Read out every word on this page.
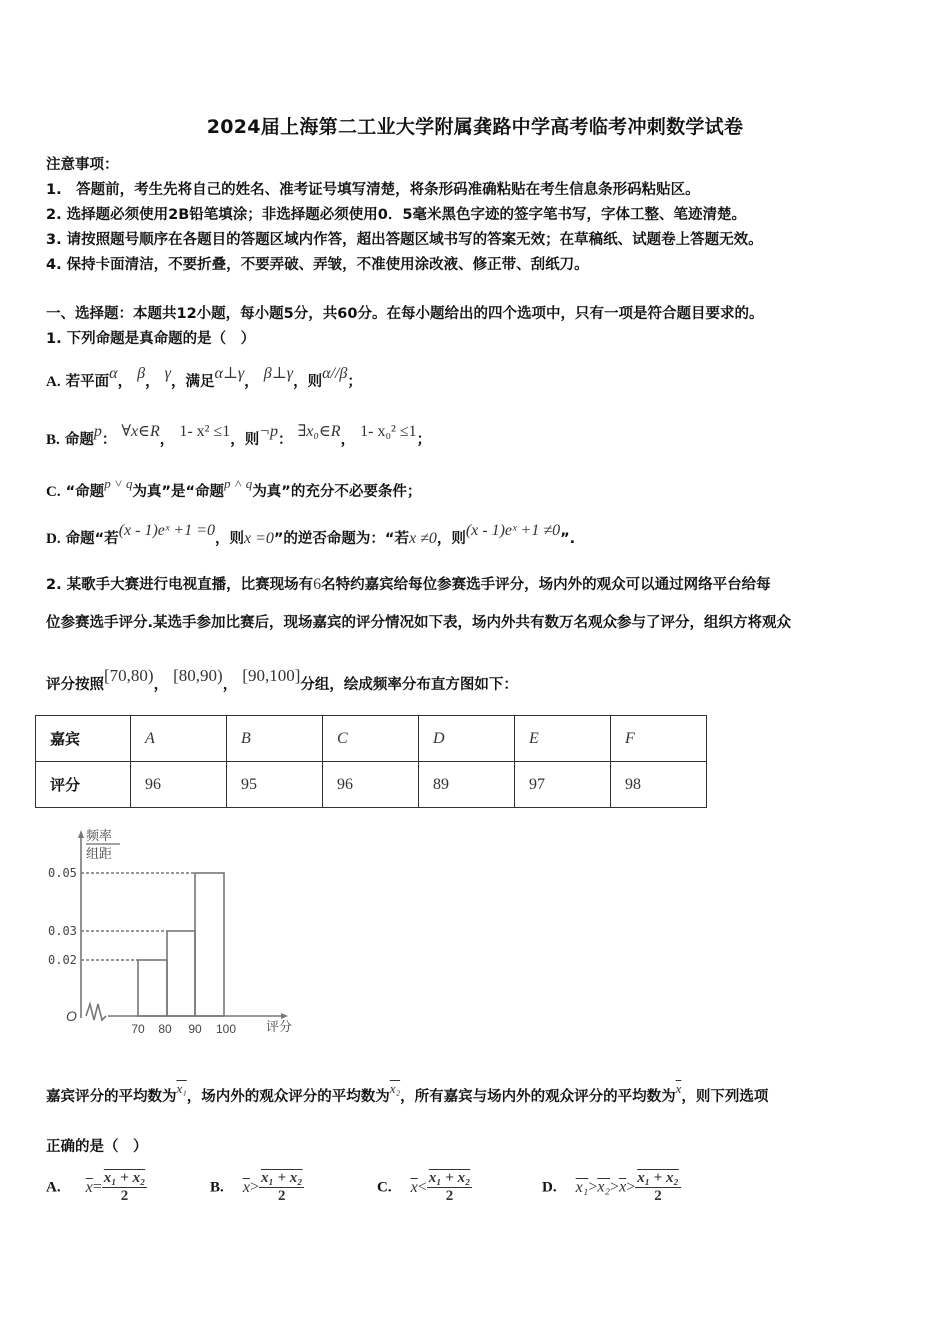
2024届上海第二工业大学附属龚路中学高考临考冲刺数学试卷
注意事项：
1.　答题前，考生先将自己的姓名、准考证号填写清楚，将条形码准确粘贴在考生信息条形码粘贴区。
2. 选择题必须使用2B铅笔填涂；非选择题必须使用0．5毫米黑色字迹的签字笔书写，字体工整、笔迹清楚。
3. 请按照题号顺序在各题目的答题区域内作答，超出答题区域书写的答案无效；在草稿纸、试题卷上答题无效。
4. 保持卡面清洁，不要折叠，不要弄破、弄皱，不准使用涂改液、修正带、刮纸刀。
一、选择题：本题共12小题，每小题5分，共60分。在每小题给出的四个选项中，只有一项是符合题目要求的。
1. 下列命题是真命题的是（　）
A. 若平面α， β， γ，满足α⊥γ， β⊥γ，则α//β；
B. 命题p： ∀x∈R， 1- x² ≤1，则¬p： ∃x₀∈R， 1- x₀² ≤1；
C. “命题p ˅ q为真”是“命题p ˄ q为真”的充分不必要条件；
D. 命题“若(x - 1)eˣ +1 =0，则x =0”的逆否命题为：“若x ≠0，则(x - 1)eˣ +1 ≠0”.
2. 某歌手大赛进行电视直播，比赛现场有6名特约嘉宾给每位参赛选手评分，场内外的观众可以通过网络平台给每
位参赛选手评分.某选手参加比赛后，现场嘉宾的评分情况如下表，场内外共有数万名观众参与了评分，组织方将观众
评分按照[70,80)， [80,90)， [90,100]分组，绘成频率分布直方图如下：
嘉宾	A	B	C	D	E	F
评分	96	95	96	89	97	98
0.05
0.03
0.02
70 80 90 100 评分
O
频率
组距
嘉宾评分的平均数为x₁，场内外的观众评分的平均数为x₂，所有嘉宾与场内外的观众评分的平均数为$\overline{x}$，则下列选项
正确的是（　）
A. $\overline{x}= \frac{\text{x₁ + x₂}}{2}$	B. $\overline{x}> \frac{\text{x₁ + x₂}}{2}$	C. $\overline{x}< \frac{\text{x₁ + x₂}}{2}$	D. $x_1>x_2>\overline{x}> \frac{\text{x₁ + x₂}}{2}$
